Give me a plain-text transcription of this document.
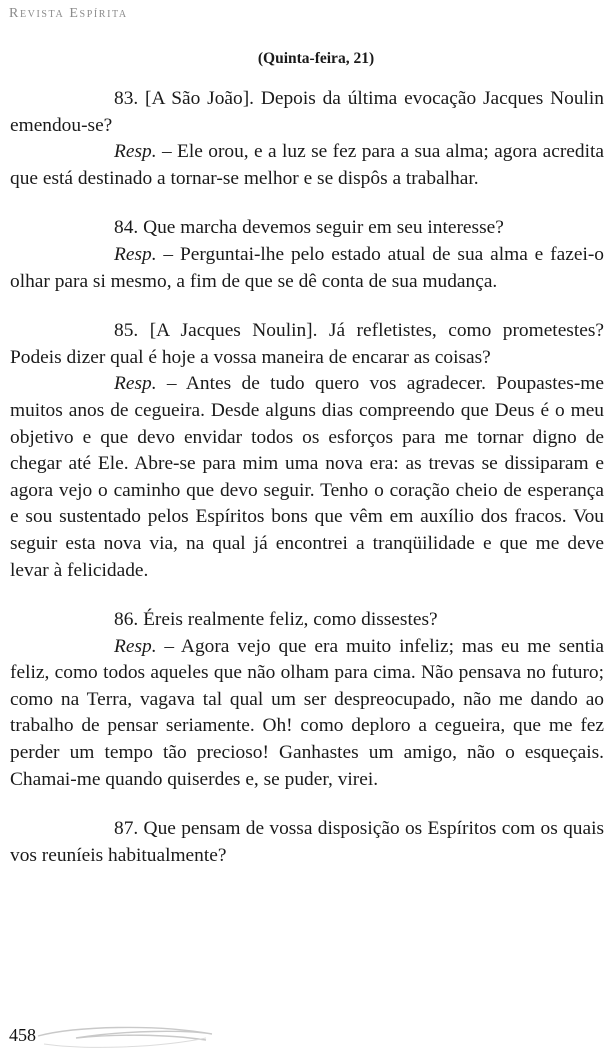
Revista Espírita
(Quinta-feira, 21)

83. [A São João]. Depois da última evocação Jacques Noulin emendou-se?

Resp. – Ele orou, e a luz se fez para a sua alma; agora acredita que está destinado a tornar-se melhor e se dispôs a trabalhar.

84. Que marcha devemos seguir em seu interesse?

Resp. – Perguntai-lhe pelo estado atual de sua alma e fazei-o olhar para si mesmo, a fim de que se dê conta de sua mudança.

85. [A Jacques Noulin]. Já refletistes, como prometestes? Podeis dizer qual é hoje a vossa maneira de encarar as coisas?

Resp. – Antes de tudo quero vos agradecer. Poupastes-me muitos anos de cegueira. Desde alguns dias compreendo que Deus é o meu objetivo e que devo envidar todos os esforços para me tornar digno de chegar até Ele. Abre-se para mim uma nova era: as trevas se dissiparam e agora vejo o caminho que devo seguir. Tenho o coração cheio de esperança e sou sustentado pelos Espíritos bons que vêm em auxílio dos fracos. Vou seguir esta nova via, na qual já encontrei a tranqüilidade e que me deve levar à felicidade.

86. Éreis realmente feliz, como dissestes?

Resp. – Agora vejo que era muito infeliz; mas eu me sentia feliz, como todos aqueles que não olham para cima. Não pensava no futuro; como na Terra, vagava tal qual um ser despreocupado, não me dando ao trabalho de pensar seriamente. Oh! como deploro a cegueira, que me fez perder um tempo tão precioso! Ganhastes um amigo, não o esqueçais. Chamai-me quando quiserdes e, se puder, virei.

87. Que pensam de vossa disposição os Espíritos com os quais vos reuníeis habitualmente?

458
